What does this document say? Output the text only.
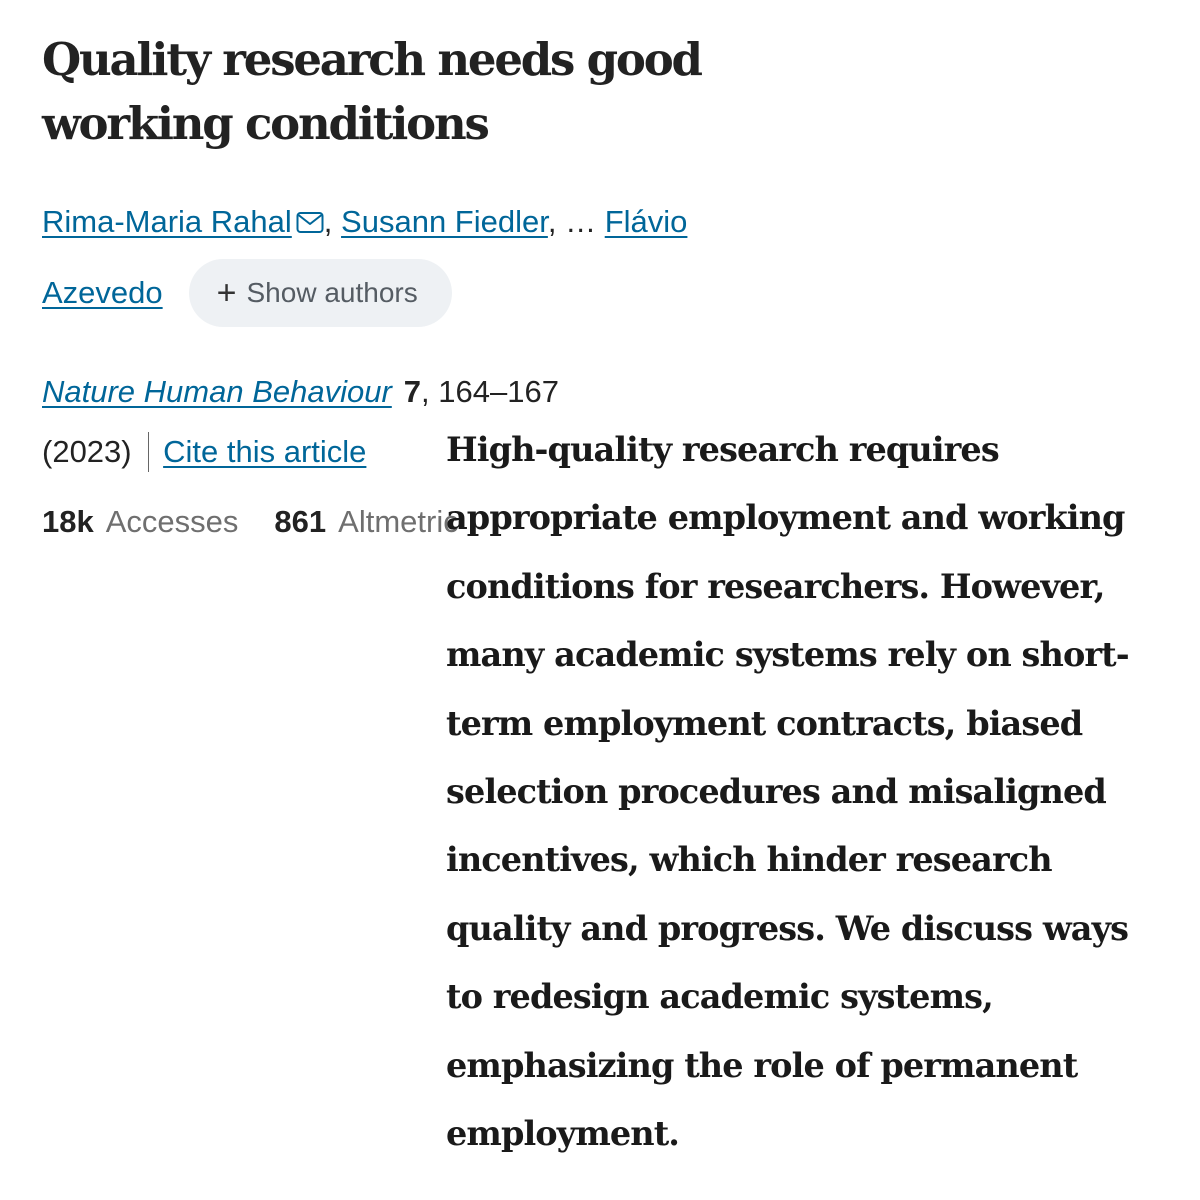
Quality research needs good working conditions
Rima-Maria Rahal , Susann Fiedler, … Flávio
Azevedo + Show authors
Nature Human Behaviour 7, 164–167
(2023) Cite this article
18k Accesses 861 Altmetric

High-quality research requires
appropriate employment and working
conditions for researchers. However,
many academic systems rely on short-
term employment contracts, biased
selection procedures and misaligned
incentives, which hinder research
quality and progress. We discuss ways
to redesign academic systems,
emphasizing the role of permanent
employment.
